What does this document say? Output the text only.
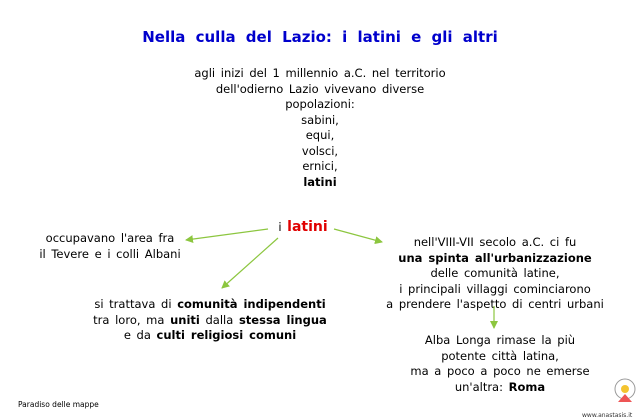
Nella culla del Lazio: i latini e gli altri
agli inizi del 1 millennio a.C. nel territorio
dell'odierno Lazio vivevano diverse
popolazioni:
sabini,
equi,
volsci,
ernici,
latini
i latini
occupavano l'area fra
il Tevere e i colli Albani
si trattava di comunità indipendenti
tra loro, ma uniti dalla stessa lingua
e da culti religiosi comuni
nell'VIII-VII secolo a.C. ci fu
una spinta all'urbanizzazione
delle comunità latine,
i principali villaggi cominciarono
a prendere l'aspetto di centri urbani
Alba Longa rimase la più
potente città latina,
ma a poco a poco ne emerse
un'altra: Roma
Paradiso delle mappe
www.anastasis.it
